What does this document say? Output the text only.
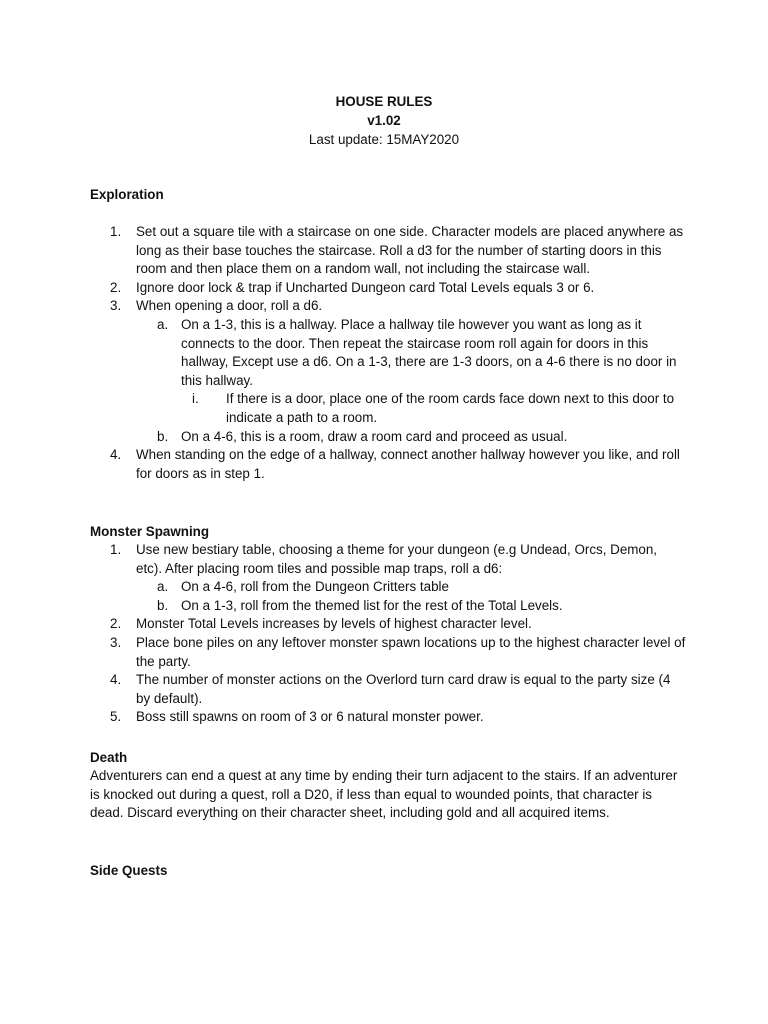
HOUSE RULES
v1.02
Last update: 15MAY2020
Exploration
1.	Set out a square tile with a staircase on one side. Character models are placed anywhere as long as their base touches the staircase. Roll a d3 for the number of starting doors in this room and then place them on a random wall, not including the staircase wall.
2.	Ignore door lock & trap if Uncharted Dungeon card Total Levels equals 3 or 6.
3.	When opening a door, roll a d6.
a. On a 1-3, this is a hallway. Place a hallway tile however you want as long as it connects to the door. Then repeat the staircase room roll again for doors in this hallway, Except use a d6. On a 1-3, there are 1-3 doors, on a 4-6 there is no door in this hallway.
i.	If there is a door, place one of the room cards face down next to this door to indicate a path to a room.
b. On a 4-6, this is a room, draw a room card and proceed as usual.
4.	When standing on the edge of a hallway, connect another hallway however you like, and roll for doors as in step 1.
Monster Spawning
1.	Use new bestiary table, choosing a theme for your dungeon (e.g Undead, Orcs, Demon, etc). After placing room tiles and possible map traps, roll a d6:
a. On a 4-6, roll from the Dungeon Critters table
b. On a 1-3, roll from the themed list for the rest of the Total Levels.
2.	Monster Total Levels increases by levels of highest character level.
3.	Place bone piles on any leftover monster spawn locations up to the highest character level of the party.
4.	The number of monster actions on the Overlord turn card draw is equal to the party size (4 by default).
5.	Boss still spawns on room of 3 or 6 natural monster power.
Death
Adventurers can end a quest at any time by ending their turn adjacent to the stairs. If an adventurer is knocked out during a quest, roll a D20, if less than equal to wounded points, that character is dead. Discard everything on their character sheet, including gold and all acquired items.
Side Quests
